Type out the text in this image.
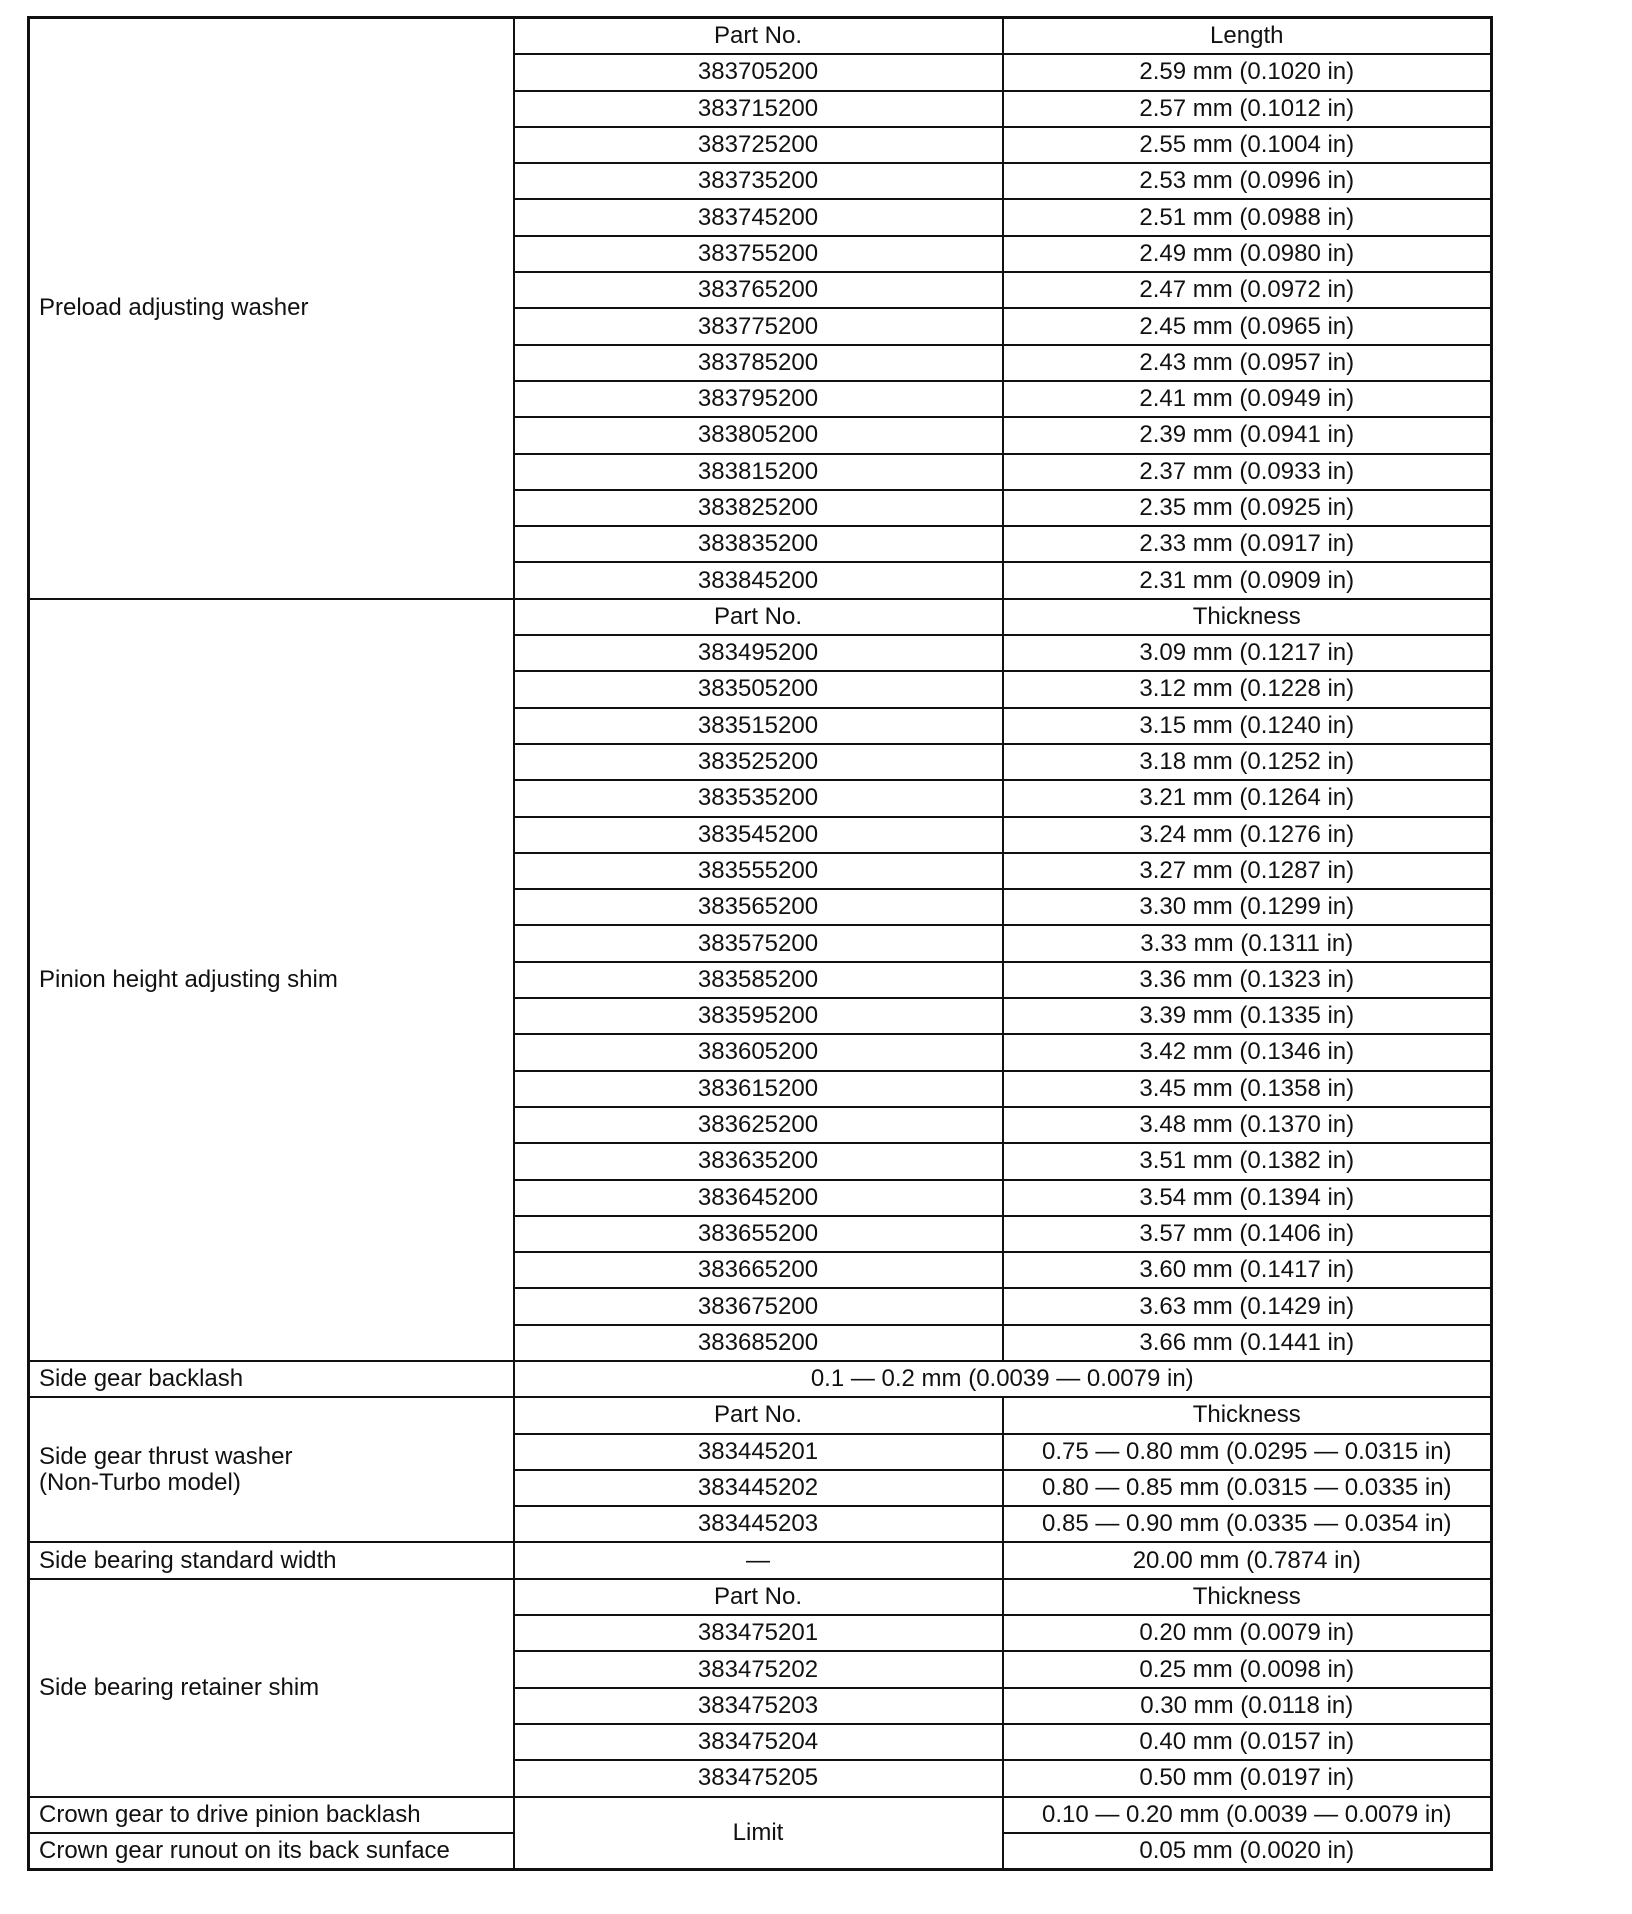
Preload adjusting washer	Part No.	Length
	383705200	2.59 mm (0.1020 in)
	383715200	2.57 mm (0.1012 in)
	383725200	2.55 mm (0.1004 in)
	383735200	2.53 mm (0.0996 in)
	383745200	2.51 mm (0.0988 in)
	383755200	2.49 mm (0.0980 in)
	383765200	2.47 mm (0.0972 in)
	383775200	2.45 mm (0.0965 in)
	383785200	2.43 mm (0.0957 in)
	383795200	2.41 mm (0.0949 in)
	383805200	2.39 mm (0.0941 in)
	383815200	2.37 mm (0.0933 in)
	383825200	2.35 mm (0.0925 in)
	383835200	2.33 mm (0.0917 in)
	383845200	2.31 mm (0.0909 in)
Pinion height adjusting shim	Part No.	Thickness
	383495200	3.09 mm (0.1217 in)
	383505200	3.12 mm (0.1228 in)
	383515200	3.15 mm (0.1240 in)
	383525200	3.18 mm (0.1252 in)
	383535200	3.21 mm (0.1264 in)
	383545200	3.24 mm (0.1276 in)
	383555200	3.27 mm (0.1287 in)
	383565200	3.30 mm (0.1299 in)
	383575200	3.33 mm (0.1311 in)
	383585200	3.36 mm (0.1323 in)
	383595200	3.39 mm (0.1335 in)
	383605200	3.42 mm (0.1346 in)
	383615200	3.45 mm (0.1358 in)
	383625200	3.48 mm (0.1370 in)
	383635200	3.51 mm (0.1382 in)
	383645200	3.54 mm (0.1394 in)
	383655200	3.57 mm (0.1406 in)
	383665200	3.60 mm (0.1417 in)
	383675200	3.63 mm (0.1429 in)
	383685200	3.66 mm (0.1441 in)
Side gear backlash	0.1 — 0.2 mm (0.0039 — 0.0079 in)	
Side gear thrust washer
(Non-Turbo model)	Part No.	Thickness
	383445201	0.75 — 0.80 mm (0.0295 — 0.0315 in)
	383445202	0.80 — 0.85 mm (0.0315 — 0.0335 in)
	383445203	0.85 — 0.90 mm (0.0335 — 0.0354 in)
Side bearing standard width	—	20.00 mm (0.7874 in)
Side bearing retainer shim	Part No.	Thickness
	383475201	0.20 mm (0.0079 in)
	383475202	0.25 mm (0.0098 in)
	383475203	0.30 mm (0.0118 in)
	383475204	0.40 mm (0.0157 in)
	383475205	0.50 mm (0.0197 in)
Crown gear to drive pinion backlash	Limit	0.10 — 0.20 mm (0.0039 — 0.0079 in)
Crown gear runout on its back sunface		0.05 mm (0.0020 in)
